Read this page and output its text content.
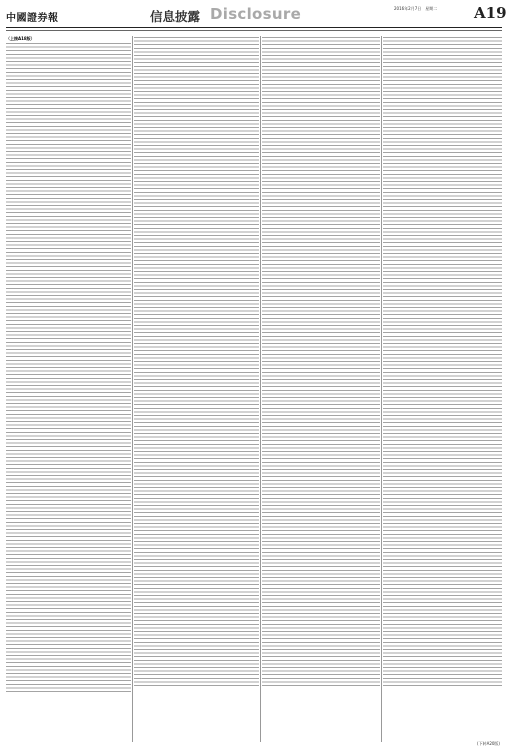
中國證券報	信息披露 Disclosure	2016年2月7日　星期二 A19
（上接A18版）
(下转A20版)
